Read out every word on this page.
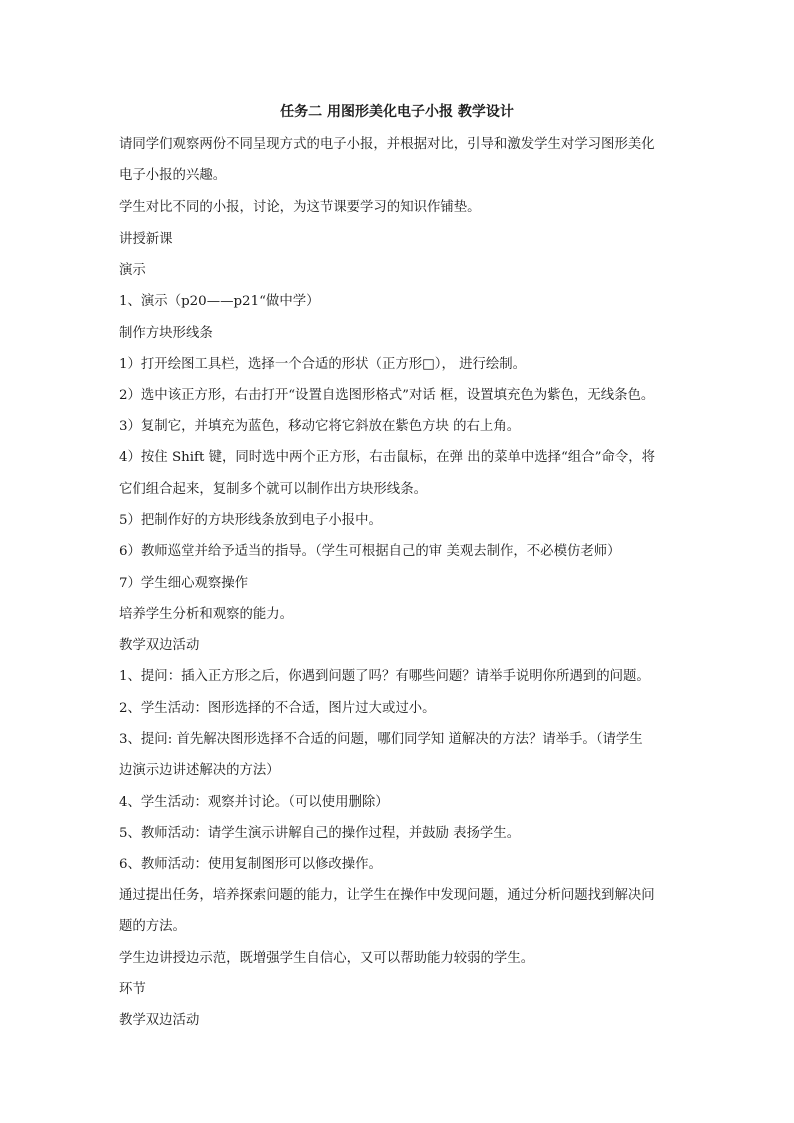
任务二 用图形美化电子小报 教学设计
请同学们观察两份不同呈现方式的电子小报，并根据对比，引导和激发学生对学习图形美化
电子小报的兴趣。
学生对比不同的小报，讨论，为这节课要学习的知识作铺垫。
讲授新课
演示
1、演示（p20——p21“做中学）
制作方块形线条
1）打开绘图工具栏，选择一个合适的形状（正方形□）， 进行绘制。
2）选中该正方形，右击打开“设置自选图形格式”对话 框，设置填充色为紫色，无线条色。
3）复制它，并填充为蓝色，移动它将它斜放在紫色方块 的右上角。
4）按住 Shift 键，同时选中两个正方形，右击鼠标，在弹 出的菜单中选择“组合”命令，将
它们组合起来，复制多个就可以制作出方块形线条。
5）把制作好的方块形线条放到电子小报中。
6）教师巡堂并给予适当的指导。（学生可根据自己的审 美观去制作，不必模仿老师）
7）学生细心观察操作
培养学生分析和观察的能力。
教学双边活动
1、提问：插入正方形之后，你遇到问题了吗？有哪些问题？请举手说明你所遇到的问题。
2、学生活动：图形选择的不合适，图片过大或过小。
3、提问: 首先解决图形选择不合适的问题，哪们同学知 道解决的方法？请举手。（请学生
边演示边讲述解决的方法）
4、学生活动：观察并讨论。（可以使用删除）
5、教师活动：请学生演示讲解自己的操作过程，并鼓励 表扬学生。
6、教师活动：使用复制图形可以修改操作。
通过提出任务，培养探索问题的能力，让学生在操作中发现问题，通过分析问题找到解决问
题的方法。
学生边讲授边示范，既增强学生自信心，又可以帮助能力较弱的学生。
环节
教学双边活动
